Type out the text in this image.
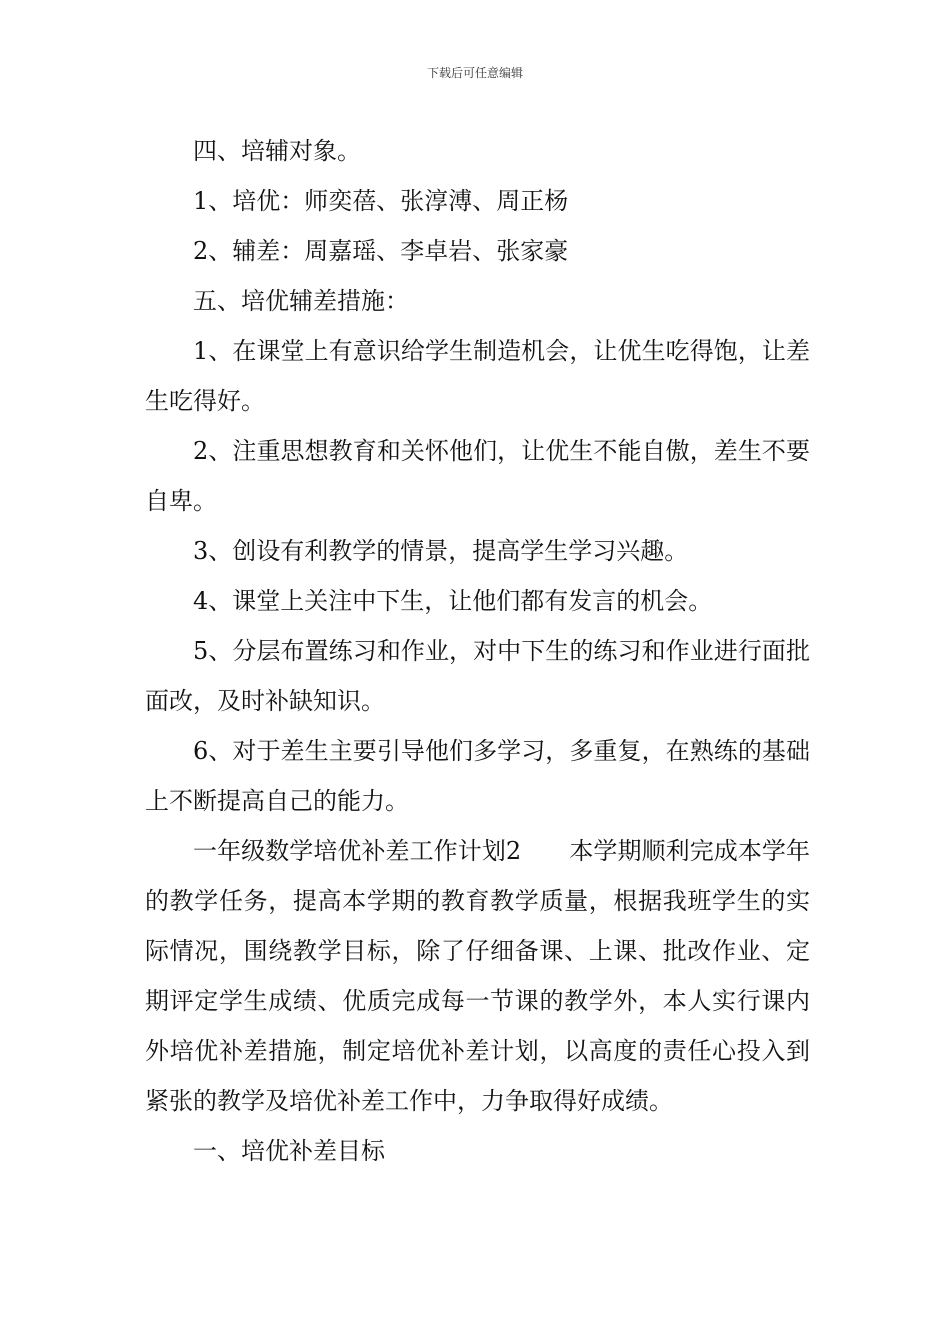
下载后可任意编辑

四、培辅对象。

1、培优：师奕蓓、张淳溥、周正杨

2、辅差：周嘉瑶、李卓岩、张家豪

五、培优辅差措施：

1、在课堂上有意识给学生制造机会，让优生吃得饱，让差生吃得好。

2、注重思想教育和关怀他们，让优生不能自傲，差生不要自卑。

3、创设有利教学的情景，提高学生学习兴趣。

4、课堂上关注中下生，让他们都有发言的机会。

5、分层布置练习和作业，对中下生的练习和作业进行面批面改，及时补缺知识。

6、对于差生主要引导他们多学习，多重复，在熟练的基础上不断提高自己的能力。

一年级数学培优补差工作计划2　　本学期顺利完成本学年的教学任务，提高本学期的教育教学质量，根据我班学生的实际情况，围绕教学目标，除了仔细备课、上课、批改作业、定期评定学生成绩、优质完成每一节课的教学外，本人实行课内外培优补差措施，制定培优补差计划，以高度的责任心投入到紧张的教学及培优补差工作中，力争取得好成绩。

一、培优补差目标
